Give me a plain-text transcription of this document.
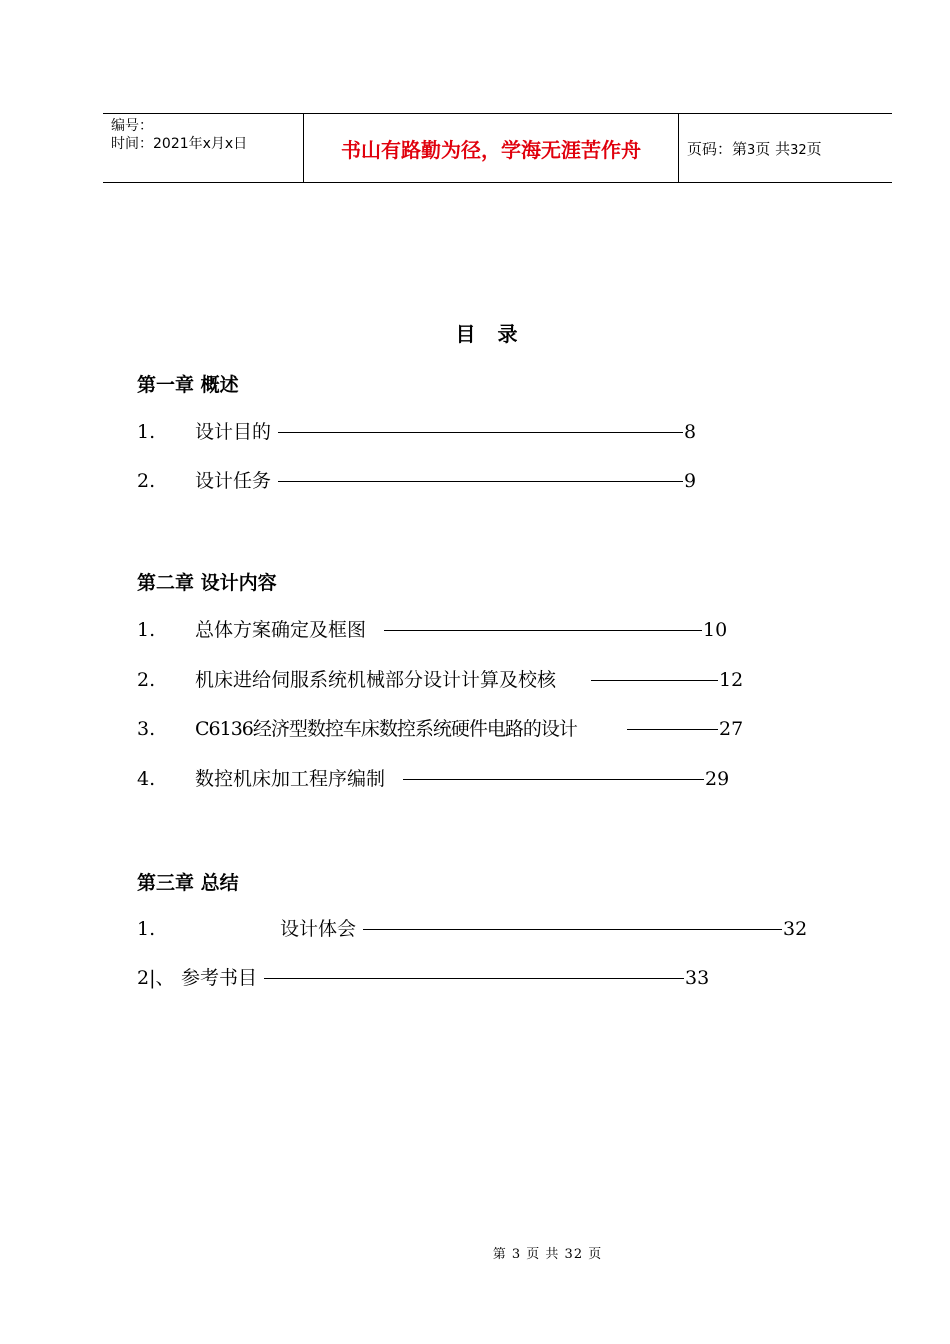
编号：
时间：2021年x月x日	书山有路勤为径，学海无涯苦作舟	页码：第3页 共32页
目录
第一章 概述
1. 设计目的	8
2. 设计任务	9
第二章 设计内容
1. 总体方案确定及框图	10
2. 机床进给伺服系统机械部分设计计算及校核	12
3. C6136经济型数控车床数控系统硬件电路的设计	27
4. 数控机床加工程序编制	29
第三章 总结
1.	设计体会	32
2|、 参考书目	33
第 3 页 共 32 页
